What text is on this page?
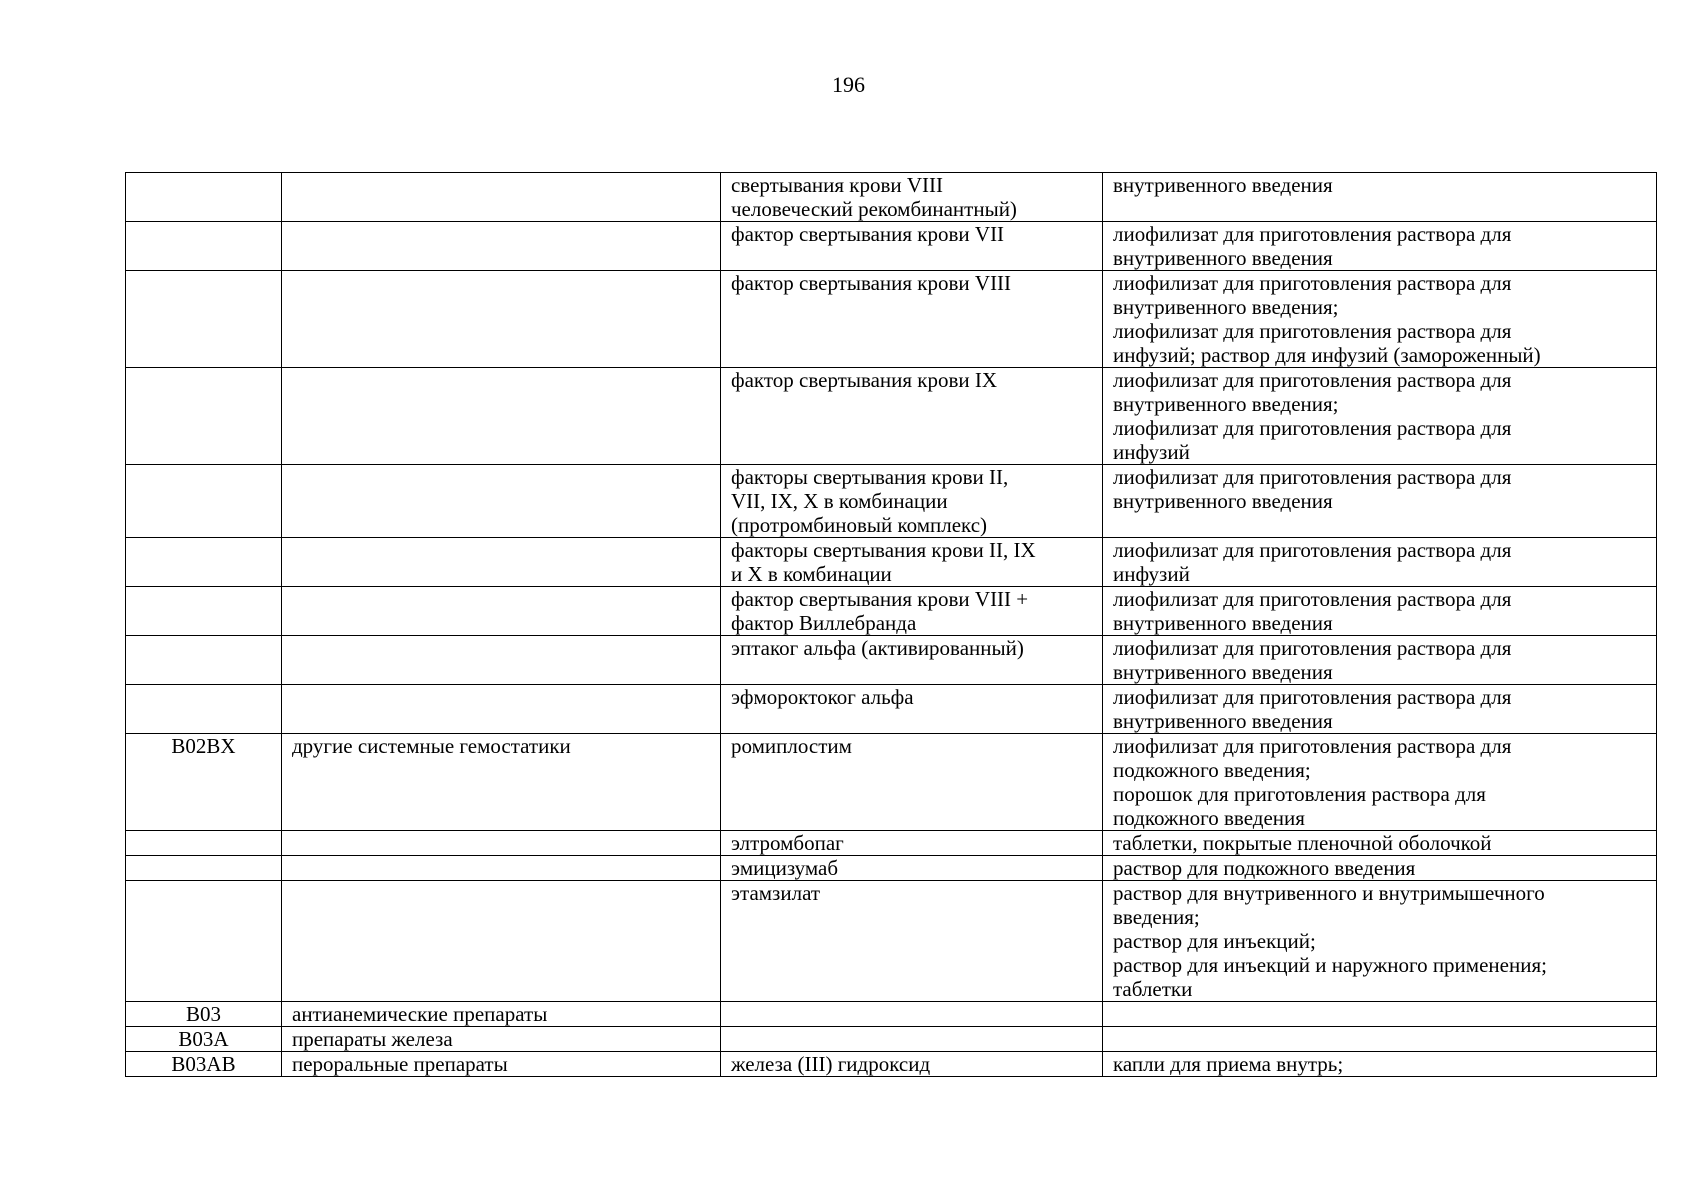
196
		свертывания крови VIII
человеческий рекомбинантный)	внутривенного введения
		фактор свертывания крови VII	лиофилизат для приготовления раствора для
внутривенного введения
		фактор свертывания крови VIII	лиофилизат для приготовления раствора для
внутривенного введения;
лиофилизат для приготовления раствора для
инфузий; раствор для инфузий (замороженный)
		фактор свертывания крови IX	лиофилизат для приготовления раствора для
внутривенного введения;
лиофилизат для приготовления раствора для
инфузий
		факторы свертывания крови II,
VII, IX, X в комбинации
(протромбиновый комплекс)	лиофилизат для приготовления раствора для
внутривенного введения
		факторы свертывания крови II, IX
и X в комбинации	лиофилизат для приготовления раствора для
инфузий
		фактор свертывания крови VIII +
фактор Виллебранда	лиофилизат для приготовления раствора для
внутривенного введения
		эптаког альфа (активированный)	лиофилизат для приготовления раствора для
внутривенного введения
		эфмороктоког альфа	лиофилизат для приготовления раствора для
внутривенного введения
B02BX	другие системные гемостатики	ромиплостим	лиофилизат для приготовления раствора для
подкожного введения;
порошок для приготовления раствора для
подкожного введения
		элтромбопаг	таблетки, покрытые пленочной оболочкой
		эмицизумаб	раствор для подкожного введения
		этамзилат	раствор для внутривенного и внутримышечного
введения;
раствор для инъекций;
раствор для инъекций и наружного применения;
таблетки
B03	антианемические препараты		
B03A	препараты железа		
B03AB	пероральные препараты	железа (III) гидроксид	капли для приема внутрь;
